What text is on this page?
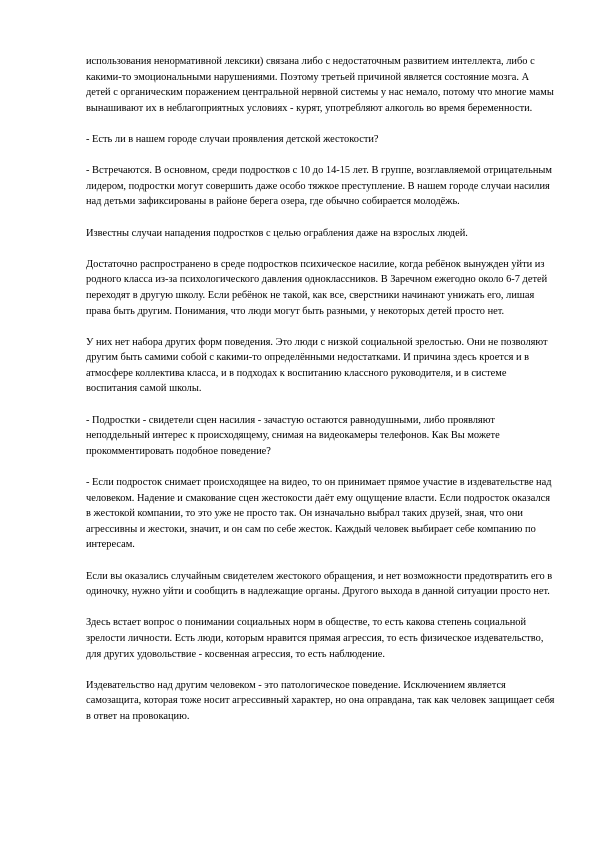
использования ненормативной лексики) связана либо с недостаточным развитием интеллекта, либо с какими-то эмоциональными нарушениями. Поэтому третьей причиной является состояние мозга. А детей с органическим поражением центральной нервной системы у нас немало, потому что многие мамы вынашивают их в неблагоприятных условиях - курят, употребляют алкоголь во время беременности.

- Есть ли в нашем городе случаи проявления детской жестокости?

- Встречаются. В основном, среди подростков с 10 до 14-15 лет. В группе, возглавляемой отрицательным лидером, подростки могут совершить даже особо тяжкое преступление. В нашем городе случаи насилия над детьми зафиксированы в районе берега озера, где обычно собирается молодёжь.

Известны случаи нападения подростков с целью ограбления даже на взрослых людей.

Достаточно распространено в среде подростков психическое насилие, когда ребёнок вынужден уйти из родного класса из-за психологического давления одноклассников. В Заречном ежегодно около 6-7 детей переходят в другую школу. Если ребёнок не такой, как все, сверстники начинают унижать его, лишая права быть другим. Понимания, что люди могут быть разными, у некоторых детей просто нет.

У них нет набора других форм поведения. Это люди с низкой социальной зрелостью. Они не позволяют другим быть самими собой с какими-то определёнными недостатками. И причина здесь кроется и в атмосфере коллектива класса, и в подходах к воспитанию классного руководителя, и в системе воспитания самой школы.

- Подростки - свидетели сцен насилия - зачастую остаются равнодушными, либо проявляют неподдельный интерес к происходящему, снимая на видеокамеры телефонов. Как Вы можете прокомментировать подобное поведение?

- Если подросток снимает происходящее на видео, то он принимает прямое участие в издевательстве над человеком. Надение и смакование сцен жестокости даёт ему ощущение власти. Если подросток оказался в жестокой компании, то это уже не просто так. Он изначально выбрал таких друзей, зная, что они агрессивны и жестоки, значит, и он сам по себе жесток. Каждый человек выбирает себе компанию по интересам.

Если вы оказались случайным свидетелем жестокого обращения, и нет возможности предотвратить его в одиночку, нужно уйти и сообщить в надлежащие органы. Другого выхода в данной ситуации просто нет.

Здесь встает вопрос о понимании социальных норм в обществе, то есть какова степень социальной зрелости личности. Есть люди, которым нравится прямая агрессия, то есть физическое издевательство, для других удовольствие - косвенная агрессия, то есть наблюдение.

Издевательство над другим человеком - это патологическое поведение. Исключением является самозащита, которая тоже носит агрессивный характер, но она оправдана, так как человек защищает себя в ответ на провокацию.
